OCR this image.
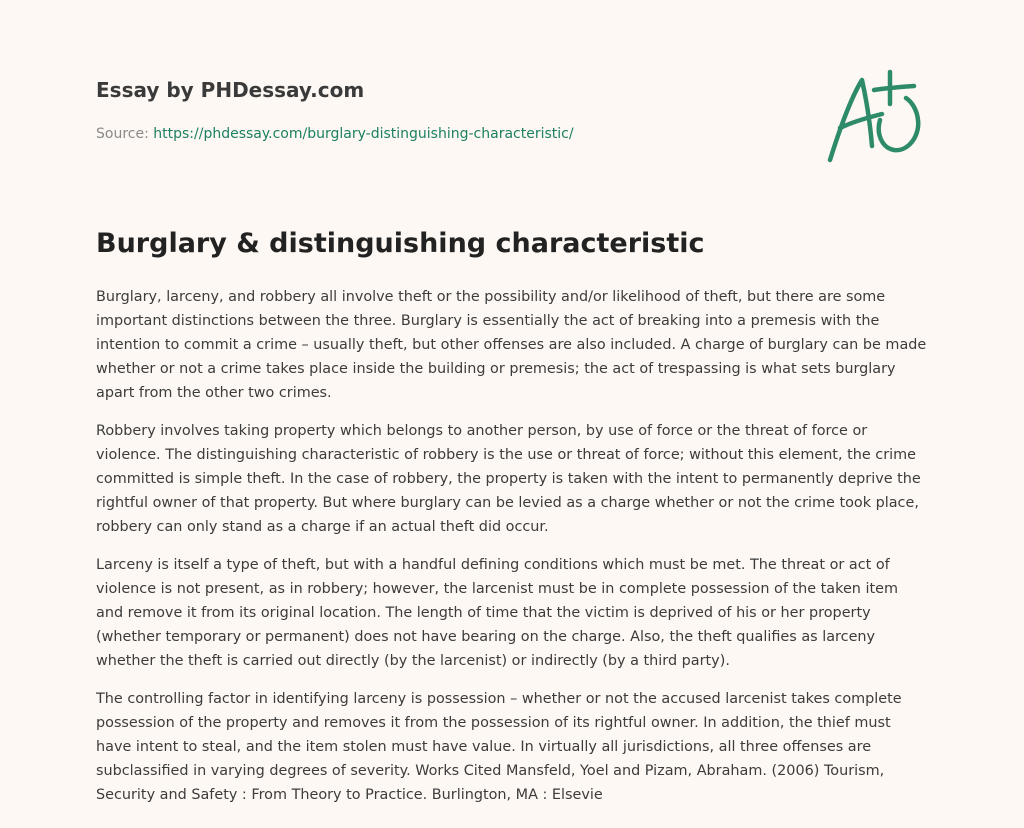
Essay by PHDessay.com
Source: https://phdessay.com/burglary-distinguishing-characteristic/
Burglary & distinguishing characteristic

Burglary, larceny, and robbery all involve theft or the possibility and/or likelihood of theft, but there are some important distinctions between the three. Burglary is essentially the act of breaking into a premesis with the intention to commit a crime – usually theft, but other offenses are also included. A charge of burglary can be made whether or not a crime takes place inside the building or premesis; the act of trespassing is what sets burglary apart from the other two crimes.

Robbery involves taking property which belongs to another person, by use of force or the threat of force or violence. The distinguishing characteristic of robbery is the use or threat of force; without this element, the crime committed is simple theft. In the case of robbery, the property is taken with the intent to permanently deprive the rightful owner of that property. But where burglary can be levied as a charge whether or not the crime took place, robbery can only stand as a charge if an actual theft did occur.

Larceny is itself a type of theft, but with a handful defining conditions which must be met. The threat or act of violence is not present, as in robbery; however, the larcenist must be in complete possession of the taken item and remove it from its original location. The length of time that the victim is deprived of his or her property (whether temporary or permanent) does not have bearing on the charge. Also, the theft qualifies as larceny whether the theft is carried out directly (by the larcenist) or indirectly (by a third party).

The controlling factor in identifying larceny is possession – whether or not the accused larcenist takes complete possession of the property and removes it from the possession of its rightful owner. In addition, the thief must have intent to steal, and the item stolen must have value. In virtually all jurisdictions, all three offenses are subclassified in varying degrees of severity. Works Cited Mansfeld, Yoel and Pizam, Abraham. (2006) Tourism, Security and Safety : From Theory to Practice. Burlington, MA : Elsevie
